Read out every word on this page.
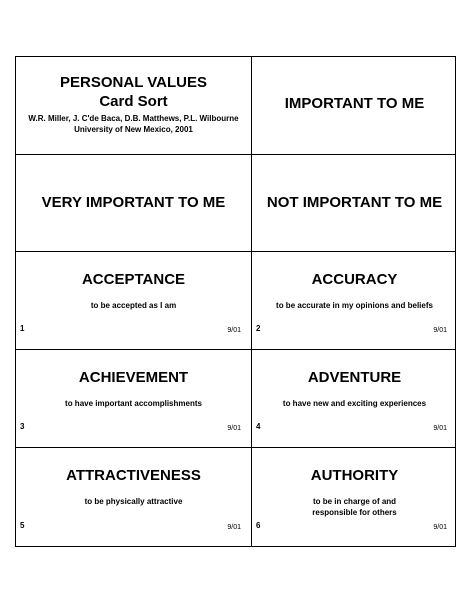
PERSONAL VALUES
Card Sort
W.R. Miller, J. C'de Baca, D.B. Matthews, P.L. Wilbourne
University of New Mexico, 2001
IMPORTANT TO ME
VERY IMPORTANT TO ME	NOT IMPORTANT TO ME
ACCEPTANCE
to be accepted as I am
1	9/01
ACCURACY
to be accurate in my opinions and beliefs
2	9/01
ACHIEVEMENT
to have important accomplishments
3	9/01
ADVENTURE
to have new and exciting experiences
4	9/01
ATTRACTIVENESS
to be physically attractive
5	9/01
AUTHORITY
to be in charge of and responsible for others
6	9/01
